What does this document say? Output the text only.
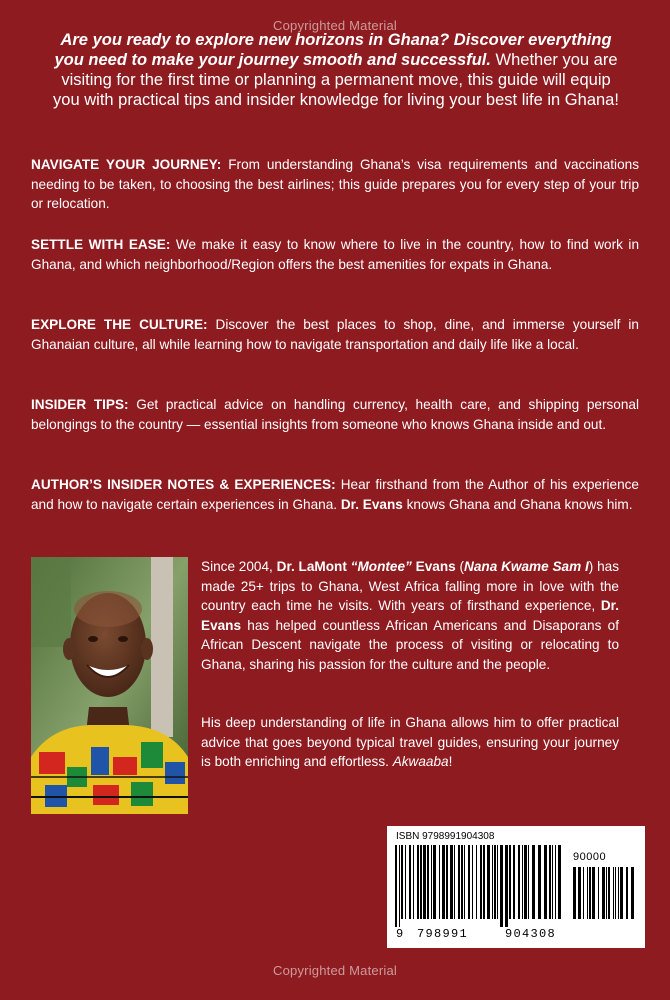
Copyrighted Material
Are you ready to explore new horizons in Ghana? Discover everything you need to make your journey smooth and successful. Whether you are visiting for the first time or planning a permanent move, this guide will equip you with practical tips and insider knowledge for living your best life in Ghana!
NAVIGATE YOUR JOURNEY: From understanding Ghana’s visa requirements and vaccinations needing to be taken, to choosing the best airlines; this guide prepares you for every step of your trip or relocation.
SETTLE WITH EASE: We make it easy to know where to live in the country, how to find work in Ghana, and which neighborhood/Region offers the best amenities for expats in Ghana.
EXPLORE THE CULTURE: Discover the best places to shop, dine, and immerse yourself in Ghanaian culture, all while learning how to navigate transportation and daily life like a local.
INSIDER TIPS: Get practical advice on handling currency, health care, and shipping personal belongings to the country — essential insights from someone who knows Ghana inside and out.
AUTHOR’S INSIDER NOTES & EXPERIENCES: Hear firsthand from the Author of his experience and how to navigate certain experiences in Ghana. Dr. Evans knows Ghana and Ghana knows him.
Since 2004, Dr. LaMont “Montee” Evans (Nana Kwame Sam I) has made 25+ trips to Ghana, West Africa falling more in love with the country each time he visits. With years of firsthand experience, Dr. Evans has helped countless African Americans and Disaporans of African Descent navigate the process of visiting or relocating to Ghana, sharing his passion for the culture and the people.
His deep understanding of life in Ghana allows him to offer practical advice that goes beyond typical travel guides, ensuring your journey is both enriching and effortless. Akwaaba!
ISBN 9798991904308
90000
9 798991	904308
Copyrighted Material
